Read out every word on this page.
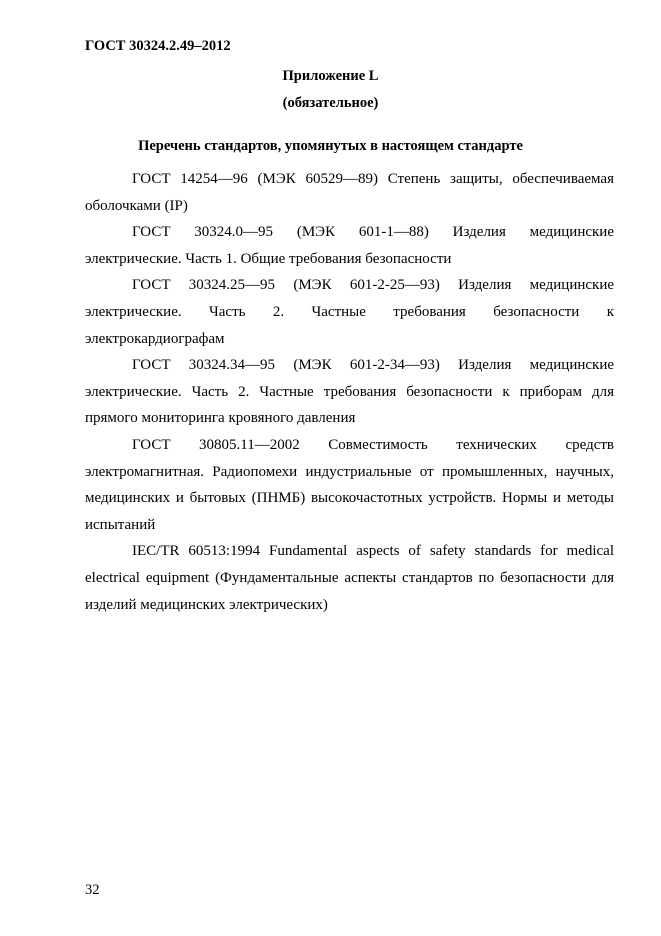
ГОСТ 30324.2.49–2012
Приложение L
(обязательное)
Перечень стандартов, упомянутых в настоящем стандарте

ГОСТ 14254—96 (МЭК 60529—89) Степень защиты, обеспечиваемая оболочками (IP)

ГОСТ 30324.0—95 (МЭК 601-1—88) Изделия медицинские электрические. Часть 1. Общие требования безопасности

ГОСТ 30324.25—95 (МЭК 601-2-25—93) Изделия медицинские электрические. Часть 2. Частные требования безопасности к электрокардиографам

ГОСТ 30324.34—95 (МЭК 601-2-34—93) Изделия медицинские электрические. Часть 2. Частные требования безопасности к приборам для прямого мониторинга кровяного давления

ГОСТ 30805.11—2002 Совместимость технических средств электромагнитная. Радиопомехи индустриальные от промышленных, научных, медицинских и бытовых (ПНМБ) высокочастотных устройств. Нормы и методы испытаний

IEC/TR 60513:1994 Fundamental aspects of safety standards for medical electrical equipment (Фундаментальные аспекты стандартов по безопасности для изделий медицинских электрических)

32
